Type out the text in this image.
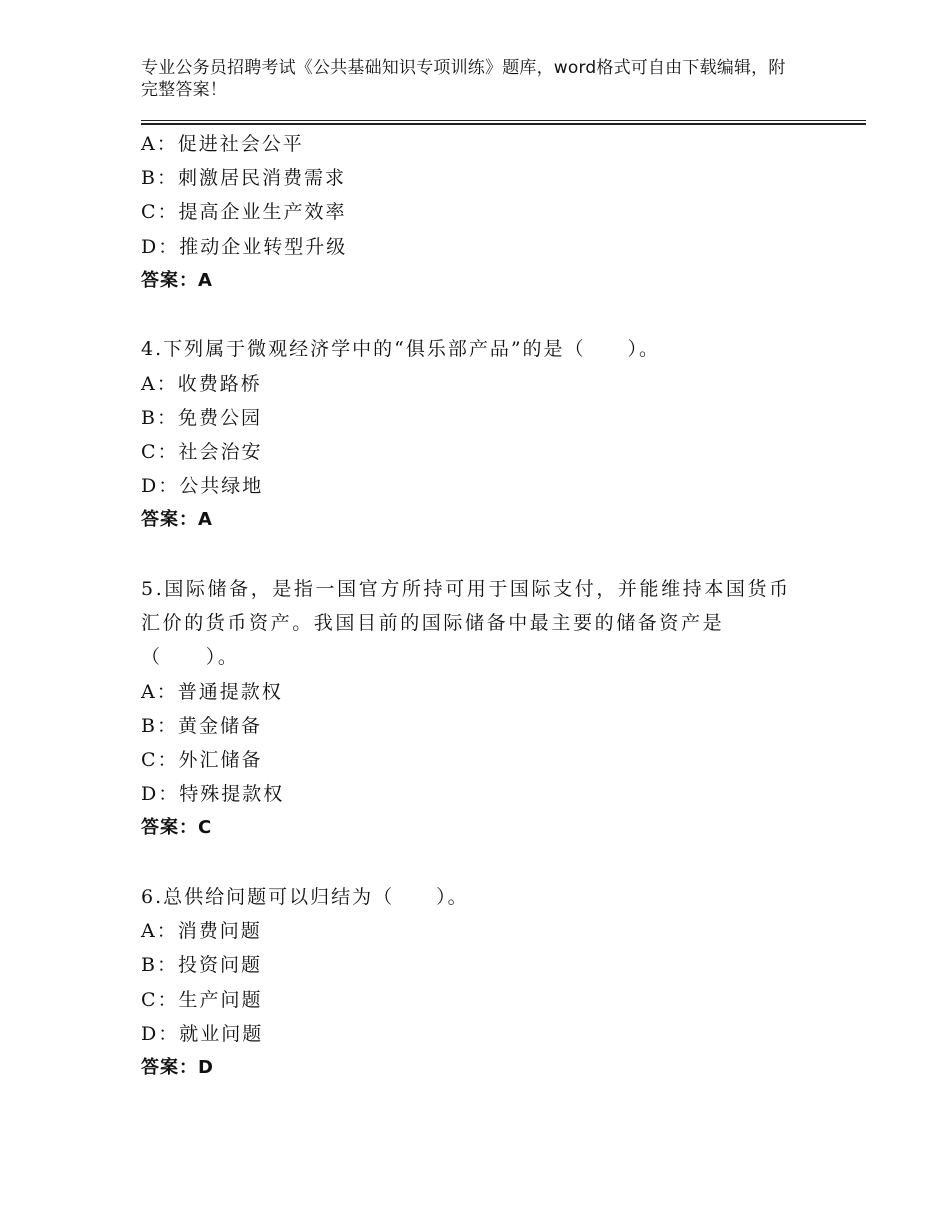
专业公务员招聘考试《公共基础知识专项训练》题库，word格式可自由下载编辑，附完整答案！
A：促进社会公平
B：刺激居民消费需求
C：提高企业生产效率
D：推动企业转型升级
答案：A
4.下列属于微观经济学中的“俱乐部产品”的是（　　）。
A：收费路桥
B：免费公园
C：社会治安
D：公共绿地
答案：A
5.国际储备，是指一国官方所持可用于国际支付，并能维持本国货币汇价的货币资产。我国目前的国际储备中最主要的储备资产是（　　）。
A：普通提款权
B：黄金储备
C：外汇储备
D：特殊提款权
答案：C
6.总供给问题可以归结为（　　）。
A：消费问题
B：投资问题
C：生产问题
D：就业问题
答案：D
